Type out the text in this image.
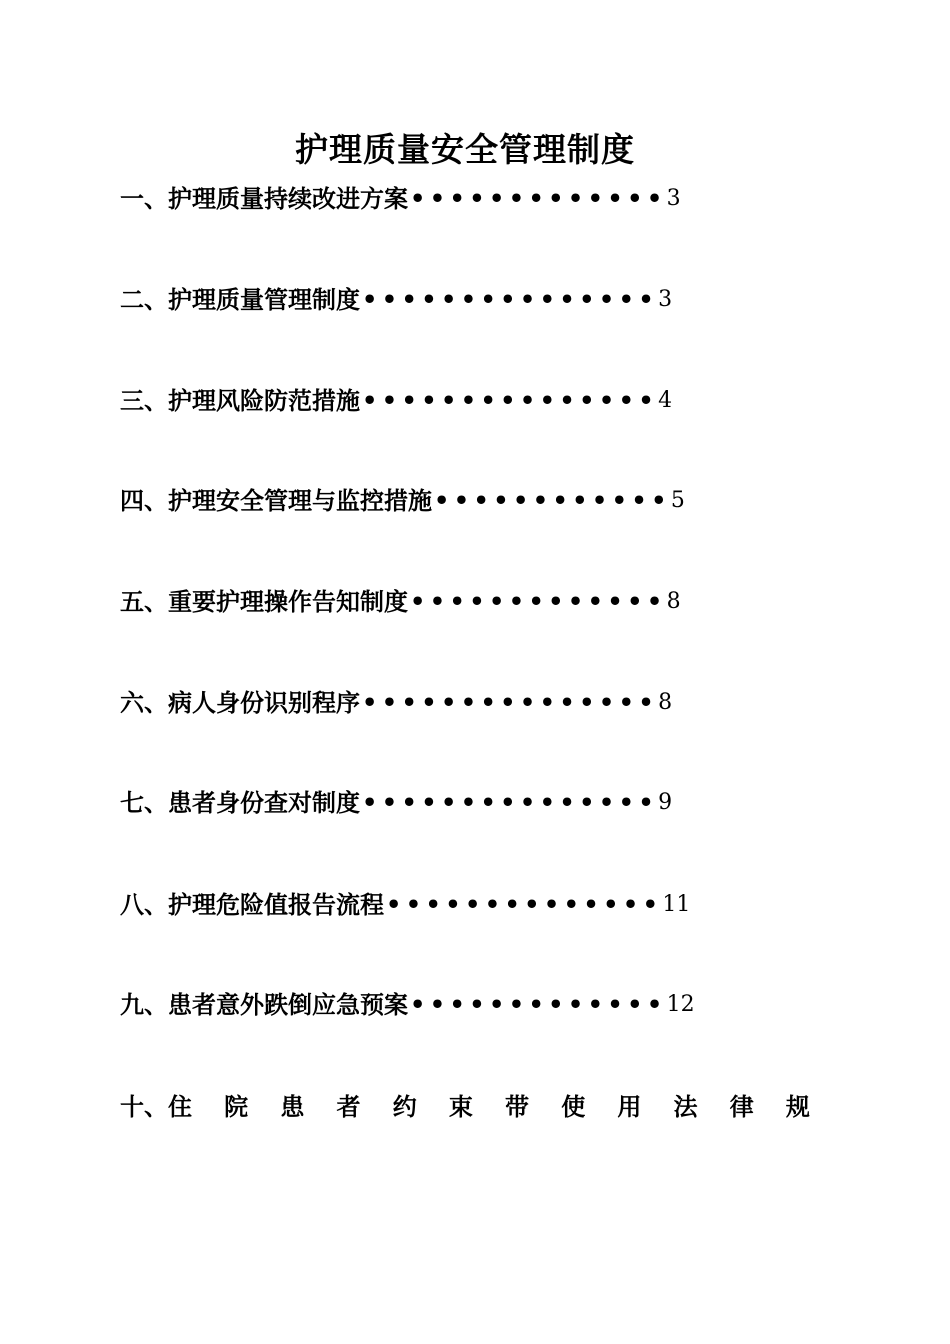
护理质量安全管理制度
一、护理质量持续改进方案 ••••••••••••• 3
二、护理质量管理制度 ••••••••••••••• 3
三、护理风险防范措施 ••••••••••••••• 4
四、护理安全管理与监控措施 •••••••••••• 5
五、重要护理操作告知制度 ••••••••••••• 8
六、病人身份识别程序 ••••••••••••••• 8
七、患者身份查对制度 ••••••••••••••• 9
八、护理危险值报告流程 •••••••••••••• 11
九、患者意外跌倒应急预案 ••••••••••••• 12
十、住 院 患 者 约 束 带 使 用 法 律 规
